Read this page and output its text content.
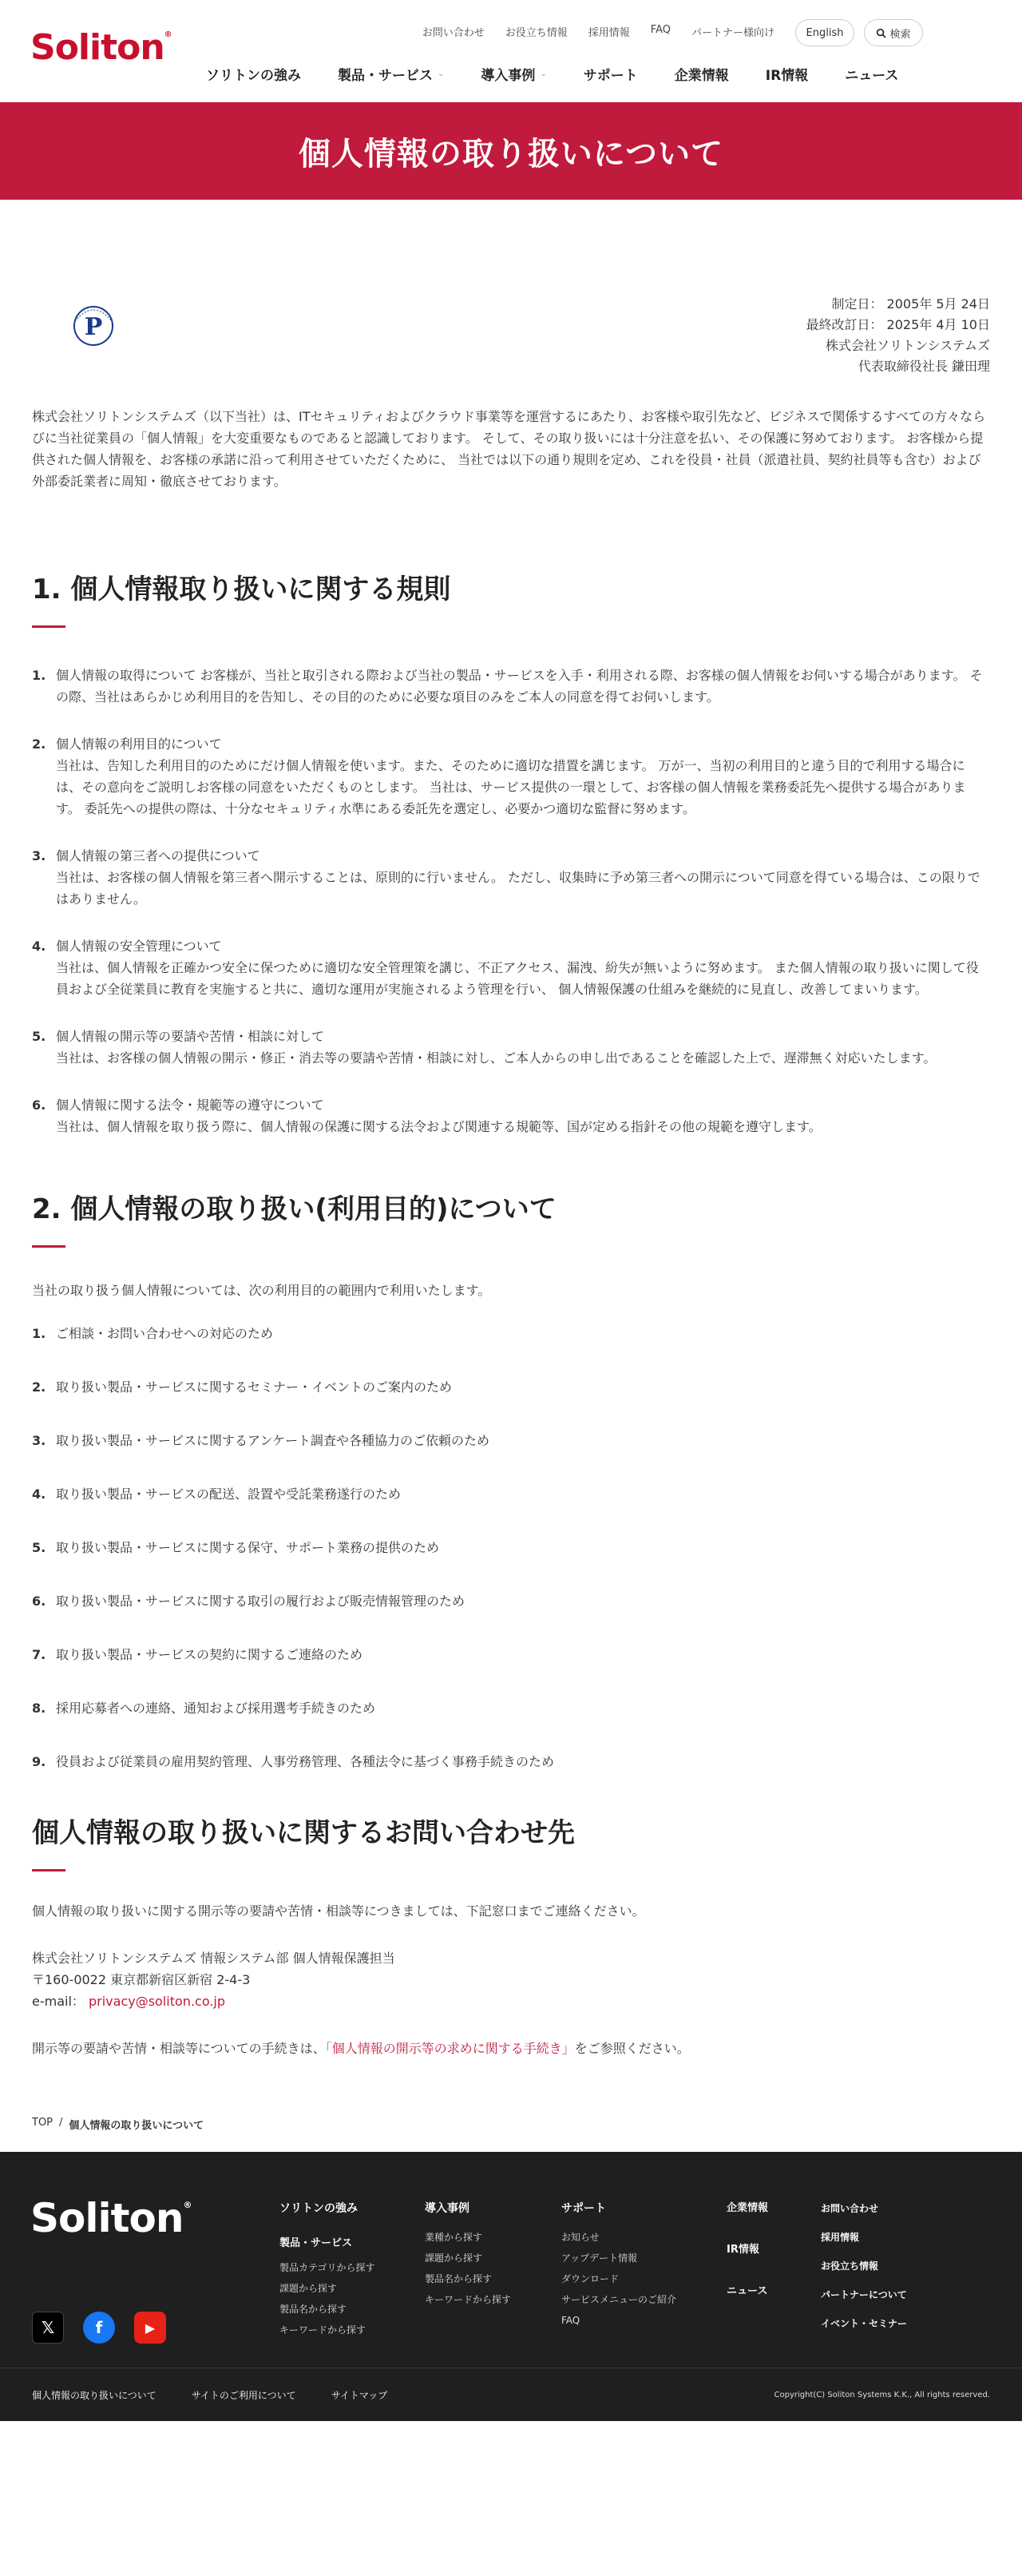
Soliton®	お問い合わせ お役立ち情報 採用情報 FAQ パートナー様向け	English	検索
ソリトンの強み	製品・サービス ⌄	導入事例 ⌄	サポート	企業情報	IR情報	ニュース
個人情報の取り扱いについて
P
制定日： 2005年 5月 24日
最終改訂日： 2025年 4月 10日
株式会社ソリトンシステムズ
代表取締役社長 鎌田理

株式会社ソリトンシステムズ（以下当社）は、ITセキュリティおよびクラウド事業等を運営するにあたり、お客様や取引先など、ビジネスで関係するすべての方々ならびに当社従業員の「個人情報」を大変重要なものであると認識しております。 そして、その取り扱いには十分注意を払い、その保護に努めております。 お客様から提供された個人情報を、お客様の承諾に沿って利用させていただくために、 当社では以下の通り規則を定め、これを役員・社員（派遣社員、契約社員等も含む）および外部委託業者に周知・徹底させております。

1. 個人情報取り扱いに関する規則
1. 個人情報の取得について お客様が、当社と取引される際および当社の製品・サービスを入手・利用される際、お客様の個人情報をお伺いする場合があります。 その際、当社はあらかじめ利用目的を告知し、その目的のために必要な項目のみをご本人の同意を得てお伺いします。
2. 個人情報の利用目的について
当社は、告知した利用目的のためにだけ個人情報を使います。また、そのために適切な措置を講じます。 万が一、当初の利用目的と違う目的で利用する場合には、その意向をご説明しお客様の同意をいただくものとします。 当社は、サービス提供の一環として、お客様の個人情報を業務委託先へ提供する場合があります。 委託先への提供の際は、十分なセキュリティ水準にある委託先を選定し、必要かつ適切な監督に努めます。
3. 個人情報の第三者への提供について
当社は、お客様の個人情報を第三者へ開示することは、原則的に行いません。 ただし、収集時に予め第三者への開示について同意を得ている場合は、この限りではありません。
4. 個人情報の安全管理について
当社は、個人情報を正確かつ安全に保つために適切な安全管理策を講じ、不正アクセス、漏洩、紛失が無いように努めます。 また個人情報の取り扱いに関して役員および全従業員に教育を実施すると共に、適切な運用が実施されるよう管理を行い、 個人情報保護の仕組みを継続的に見直し、改善してまいります。
5. 個人情報の開示等の要請や苦情・相談に対して
当社は、お客様の個人情報の開示・修正・消去等の要請や苦情・相談に対し、ご本人からの申し出であることを確認した上で、遅滞無く対応いたします。
6. 個人情報に関する法令・規範等の遵守について
当社は、個人情報を取り扱う際に、個人情報の保護に関する法令および関連する規範等、国が定める指針その他の規範を遵守します。
2. 個人情報の取り扱い(利用目的)について

当社の取り扱う個人情報については、次の利用目的の範囲内で利用いたします。

1. ご相談・お問い合わせへの対応のため
2. 取り扱い製品・サービスに関するセミナー・イベントのご案内のため
3. 取り扱い製品・サービスに関するアンケート調査や各種協力のご依頼のため
4. 取り扱い製品・サービスの配送、設置や受託業務遂行のため
5. 取り扱い製品・サービスに関する保守、サポート業務の提供のため
6. 取り扱い製品・サービスに関する取引の履行および販売情報管理のため
7. 取り扱い製品・サービスの契約に関するご連絡のため
8. 採用応募者への連絡、通知および採用選考手続きのため
9. 役員および従業員の雇用契約管理、人事労務管理、各種法令に基づく事務手続きのため
個人情報の取り扱いに関するお問い合わせ先

個人情報の取り扱いに関する開示等の要請や苦情・相談等につきましては、下記窓口までご連絡ください。

株式会社ソリトンシステムズ 情報システム部 個人情報保護担当
〒160-0022 東京都新宿区新宿 2-4-3
e-mail： privacy@soliton.co.jp

開示等の要請や苦情・相談等についての手続きは、「個人情報の開示等の求めに関する手続き」をご参照ください。

TOP / 個人情報の取り扱いについて
Soliton®	ソリトンの強み
製品・サービス
製品カテゴリから探す
課題から探す
製品名から探す
キーワードから探す
導入事例
業種から探す
課題から探す
製品名から探す
キーワードから探す
サポート
お知らせ
アップデート情報
ダウンロード
サービスメニューのご紹介
FAQ
企業情報
IR情報
ニュース
お問い合わせ
採用情報
お役立ち情報
パートナーについて
イベント・セミナー
𝕏	f	▶
個人情報の取り扱いについて	サイトのご利用について	サイトマップ	Copyright(C) Soliton Systems K.K., All rights reserved.
